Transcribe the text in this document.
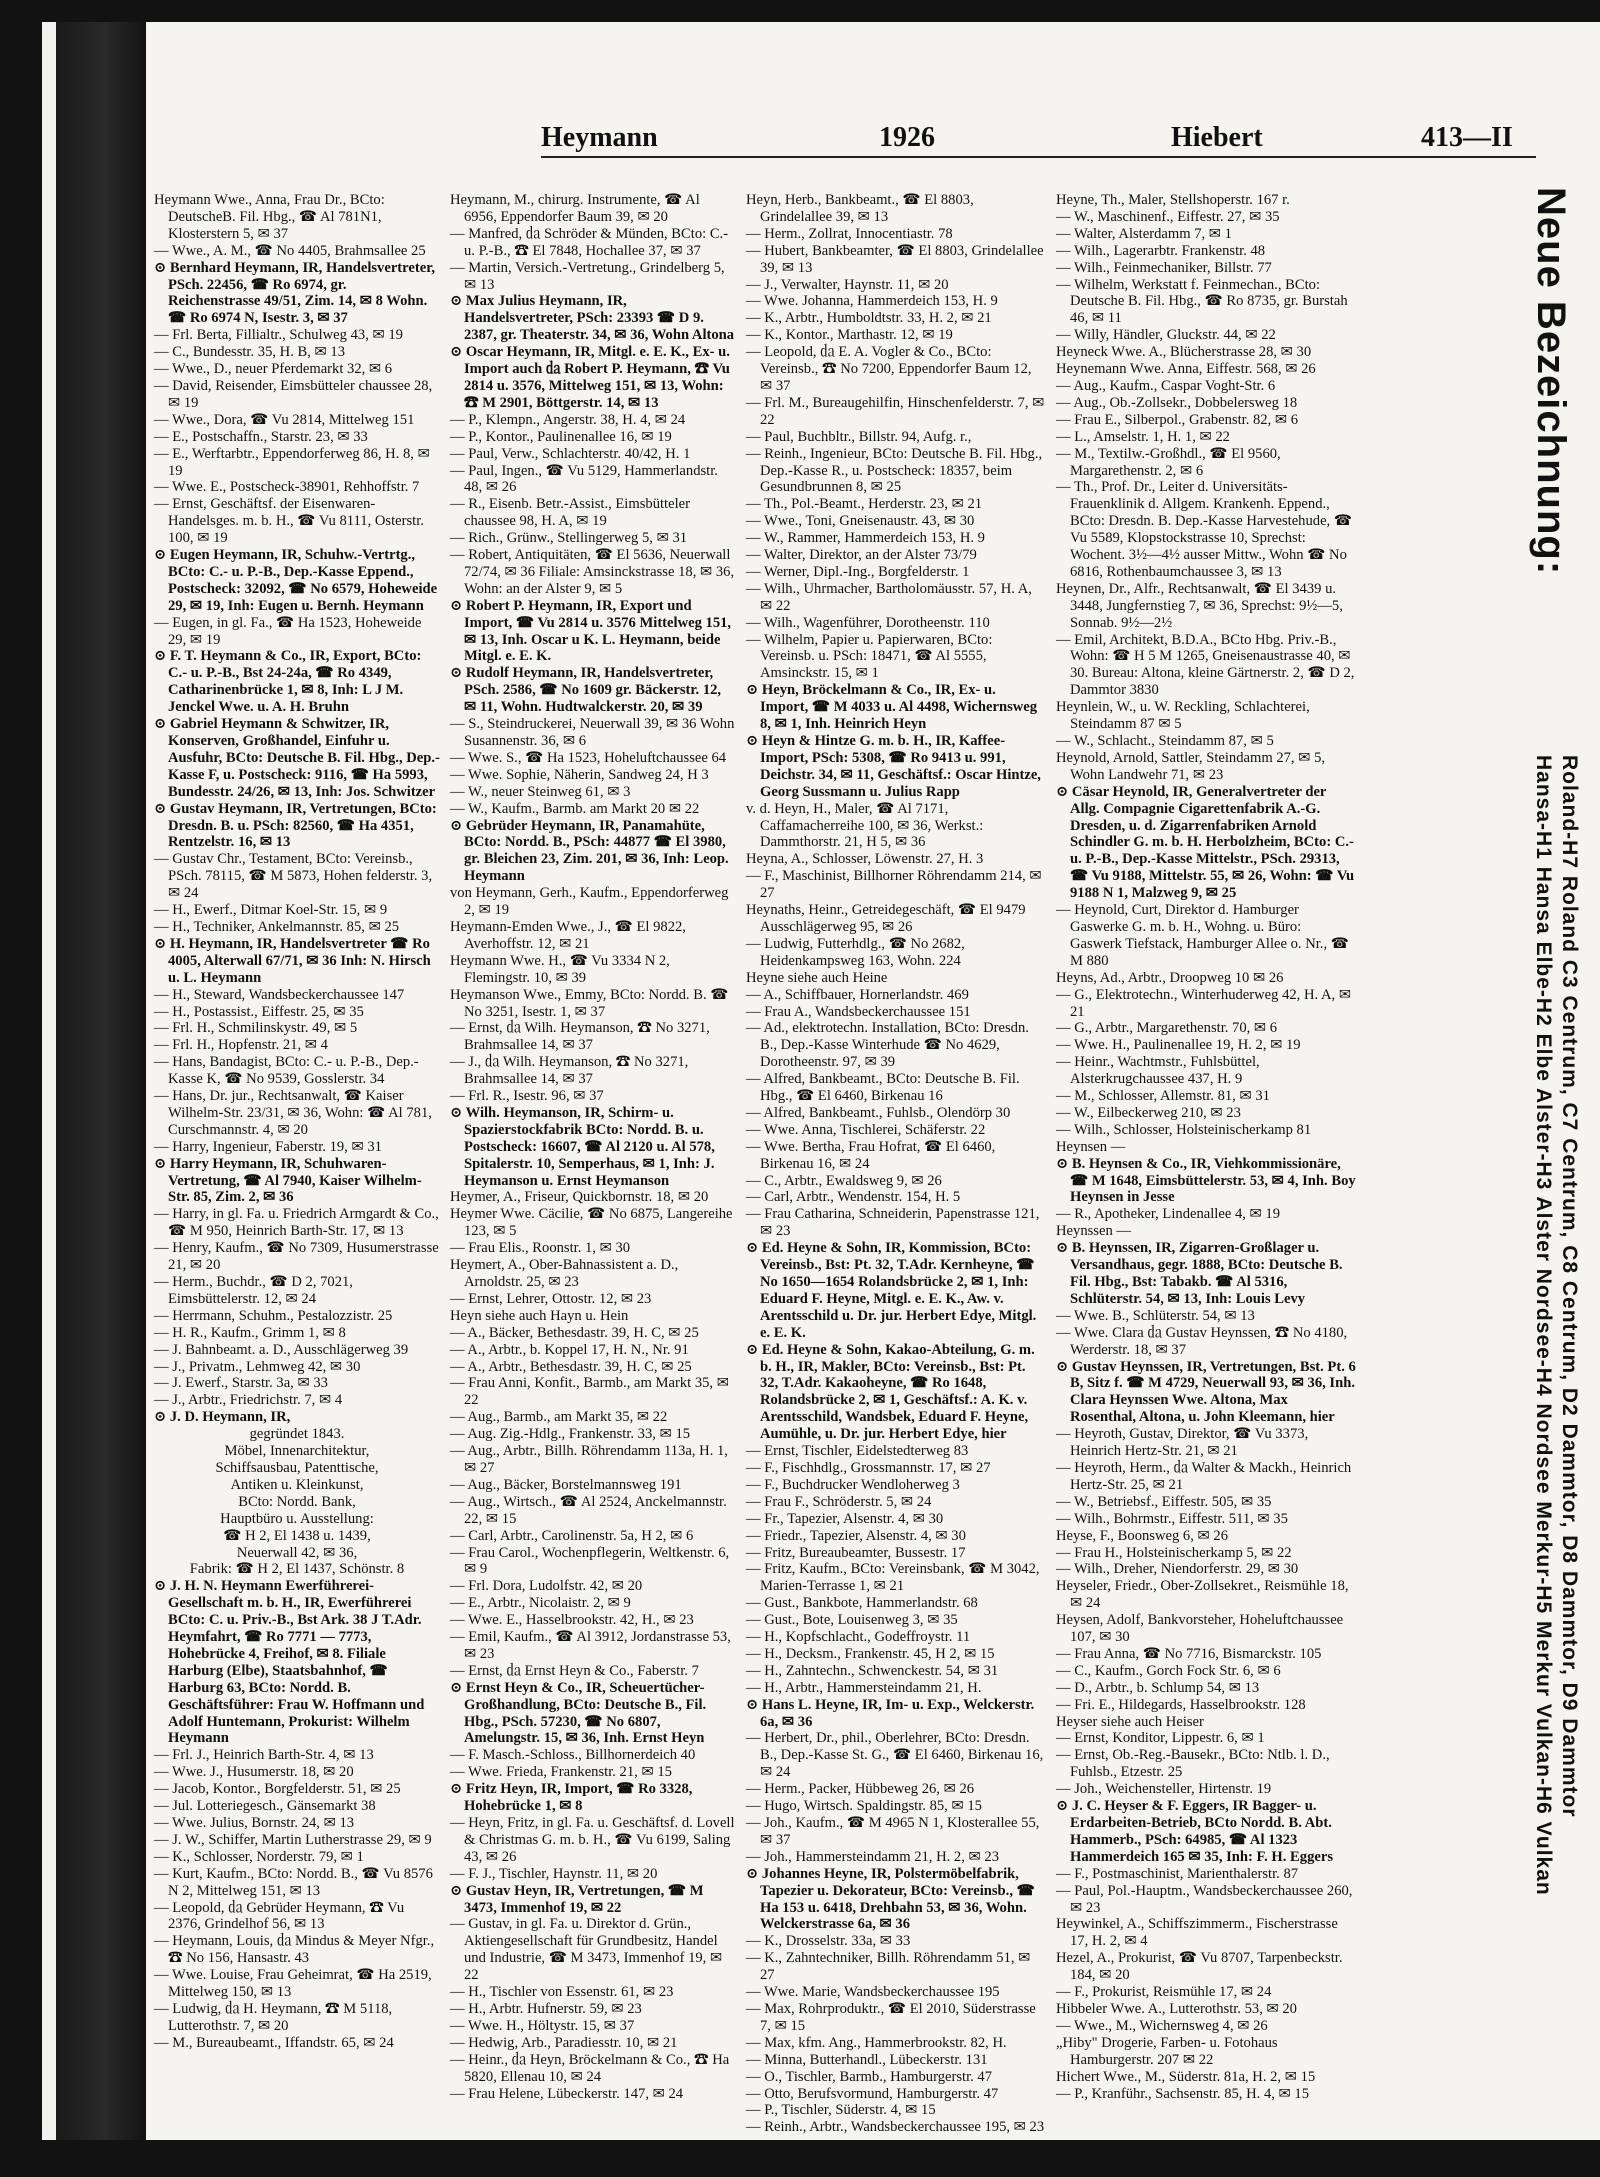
Heymann	1926	Hiebert	413—II

Heymann Wwe., Anna, Frau Dr., BCto: DeutscheB. Fil. Hbg., ☎ Al 781N1, Klosterstern 5, ✉ 37

— Wwe., A. M., ☎ No 4405, Brahmsallee 25

⊙ Bernhard Heymann, IR, Handelsvertreter, PSch. 22456, ☎ Ro 6974, gr. Reichenstrasse 49/51, Zim. 14, ✉ 8 Wohn. ☎ Ro 6974 N, Isestr. 3, ✉ 37

— Frl. Berta, Fillialtr., Schulweg 43, ✉ 19

— C., Bundesstr. 35, H. B, ✉ 13

— Wwe., D., neuer Pferdemarkt 32, ✉ 6

— David, Reisender, Eimsbütteler chaussee 28, ✉ 19

— Wwe., Dora, ☎ Vu 2814, Mittelweg 151

— E., Postschaffn., Starstr. 23, ✉ 33

— E., Werftarbtr., Eppendorferweg 86, H. 8, ✉ 19

— Wwe. E., Postscheck-38901, Rehhoffstr. 7

— Ernst, Geschäftsf. der Eisenwaren-Handelsges. m. b. H., ☎ Vu 8111, Osterstr. 100, ✉ 19

⊙ Eugen Heymann, IR, Schuhw.-Vertrtg., BCto: C.- u. P.-B., Dep.-Kasse Eppend., Postscheck: 32092, ☎ No 6579, Hoheweide 29, ✉ 19, Inh: Eugen u. Bernh. Heymann

— Eugen, in gl. Fa., ☎ Ha 1523, Hoheweide 29, ✉ 19

⊙ F. T. Heymann & Co., IR, Export, BCto: C.- u. P.-B., Bst 24-24a, ☎ Ro 4349, Catharinenbrücke 1, ✉ 8, Inh: L J M. Jenckel Wwe. u. A. H. Bruhn

⊙ Gabriel Heymann & Schwitzer, IR, Konserven, Großhandel, Einfuhr u. Ausfuhr, BCto: Deutsche B. Fil. Hbg., Dep.-Kasse F, u. Postscheck: 9116, ☎ Ha 5993, Bundesstr. 24/26, ✉ 13, Inh: Jos. Schwitzer

⊙ Gustav Heymann, IR, Vertretungen, BCto: Dresdn. B. u. PSch: 82560, ☎ Ha 4351, Rentzelstr. 16, ✉ 13

— Gustav Chr., Testament, BCto: Vereinsb., PSch. 78115, ☎ M 5873, Hohen felderstr. 3, ✉ 24

— H., Ewerf., Ditmar Koel-Str. 15, ✉ 9

— H., Techniker, Ankelmannstr. 85, ✉ 25

⊙ H. Heymann, IR, Handelsvertreter ☎ Ro 4005, Alterwall 67/71, ✉ 36 Inh: N. Hirsch u. L. Heymann

— H., Steward, Wandsbeckerchaussee 147

— H., Postassist., Eiffestr. 25, ✉ 35

— Frl. H., Schmilinskystr. 49, ✉ 5

— Frl. H., Hopfenstr. 21, ✉ 4

— Hans, Bandagist, BCto: C.- u. P.-B., Dep.-Kasse K, ☎ No 9539, Gosslerstr. 34

— Hans, Dr. jur., Rechtsanwalt, ☎ Kaiser Wilhelm-Str. 23/31, ✉ 36, Wohn: ☎ Al 781, Curschmannstr. 4, ✉ 20

— Harry, Ingenieur, Faberstr. 19, ✉ 31

⊙ Harry Heymann, IR, Schuhwaren-Vertretung, ☎ Al 7940, Kaiser Wilhelm-Str. 85, Zim. 2, ✉ 36

— Harry, in gl. Fa. u. Friedrich Armgardt & Co., ☎ M 950, Heinrich Barth-Str. 17, ✉ 13

— Henry, Kaufm., ☎ No 7309, Husumerstrasse 21, ✉ 20

— Herm., Buchdr., ☎ D 2, 7021, Eimsbüttelerstr. 12, ✉ 24

— Herrmann, Schuhm., Pestalozzistr. 25

— H. R., Kaufm., Grimm 1, ✉ 8

— J. Bahnbeamt. a. D., Ausschlägerweg 39

— J., Privatm., Lehmweg 42, ✉ 30

— J. Ewerf., Starstr. 3a, ✉ 33

— J., Arbtr., Friedrichstr. 7, ✉ 4

⊙ J. D. Heymann, IR,

gegründet 1843.

Möbel, Innenarchitektur,

Schiffsausbau, Patenttische,

Antiken u. Kleinkunst,

BCto: Nordd. Bank,

Hauptbüro u. Ausstellung:

☎ H 2, El 1438 u. 1439,

Neuerwall 42, ✉ 36,

Fabrik: ☎ H 2, El 1437, Schönstr. 8

⊙ J. H. N. Heymann Ewerführerei-Gesellschaft m. b. H., IR, Ewerführerei BCto: C. u. Priv.-B., Bst Ark. 38 J T.Adr. Heymfahrt, ☎ Ro 7771 — 7773, Hohebrücke 4, Freihof, ✉ 8. Filiale Harburg (Elbe), Staatsbahnhof, ☎ Harburg 63, BCto: Nordd. B. Geschäftsführer: Frau W. Hoffmann und Adolf Huntemann, Prokurist: Wilhelm Heymann

— Frl. J., Heinrich Barth-Str. 4, ✉ 13

— Wwe. J., Husumerstr. 18, ✉ 20

— Jacob, Kontor., Borgfelderstr. 51, ✉ 25

— Jul. Lotteriegesch., Gänsemarkt 38

— Wwe. Julius, Bornstr. 24, ✉ 13

— J. W., Schiffer, Martin Lutherstrasse 29, ✉ 9

— K., Schlosser, Norderstr. 79, ✉ 1

— Kurt, Kaufm., BCto: Nordd. B., ☎ Vu 8576 N 2, Mittelweg 151, ✉ 13

— Leopold, ㍲ Gebrüder Heymann, ☎ Vu 2376, Grindelhof 56, ✉ 13

— Heymann, Louis, ㍲ Mindus & Meyer Nfgr., ☎ No 156, Hansastr. 43

— Wwe. Louise, Frau Geheimrat, ☎ Ha 2519, Mittelweg 150, ✉ 13

— Ludwig, ㍲ H. Heymann, ☎ M 5118, Lutterothstr. 7, ✉ 20

— M., Bureaubeamt., Iffandstr. 65, ✉ 24

Heymann, M., chirurg. Instrumente, ☎ Al 6956, Eppendorfer Baum 39, ✉ 20

— Manfred, ㍲ Schröder & Münden, BCto: C.- u. P.-B., ☎ El 7848, Hochallee 37, ✉ 37

— Martin, Versich.-Vertretung., Grindelberg 5, ✉ 13

⊙ Max Julius Heymann, IR, Handelsvertreter, PSch: 23393 ☎ D 9. 2387, gr. Theaterstr. 34, ✉ 36, Wohn Altona

⊙ Oscar Heymann, IR, Mitgl. e. E. K., Ex- u. Import auch ㍲ Robert P. Heymann, ☎ Vu 2814 u. 3576, Mittelweg 151, ✉ 13, Wohn: ☎ M 2901, Böttgerstr. 14, ✉ 13

— P., Klempn., Angerstr. 38, H. 4, ✉ 24

— P., Kontor., Paulinenallee 16, ✉ 19

— Paul, Verw., Schlachterstr. 40/42, H. 1

— Paul, Ingen., ☎ Vu 5129, Hammerlandstr. 48, ✉ 26

— R., Eisenb. Betr.-Assist., Eimsbütteler chaussee 98, H. A, ✉ 19

— Rich., Grünw., Stellingerweg 5, ✉ 31

— Robert, Antiquitäten, ☎ El 5636, Neuerwall 72/74, ✉ 36 Filiale: Amsinckstrasse 18, ✉ 36, Wohn: an der Alster 9, ✉ 5

⊙ Robert P. Heymann, IR, Export und Import, ☎ Vu 2814 u. 3576 Mittelweg 151, ✉ 13, Inh. Oscar u K. L. Heymann, beide Mitgl. e. E. K.

⊙ Rudolf Heymann, IR, Handelsvertreter, PSch. 2586, ☎ No 1609 gr. Bäckerstr. 12, ✉ 11, Wohn. Hudtwalckerstr. 20, ✉ 39

— S., Steindruckerei, Neuerwall 39, ✉ 36 Wohn Susannenstr. 36, ✉ 6

— Wwe. S., ☎ Ha 1523, Hoheluftchaussee 64

— Wwe. Sophie, Näherin, Sandweg 24, H 3

— W., neuer Steinweg 61, ✉ 3

— W., Kaufm., Barmb. am Markt 20 ✉ 22

⊙ Gebrüder Heymann, IR, Panamahüte, BCto: Nordd. B., PSch: 44877 ☎ El 3980, gr. Bleichen 23, Zim. 201, ✉ 36, Inh: Leop. Heymann

von Heymann, Gerh., Kaufm., Eppendorferweg 2, ✉ 19

Heymann-Emden Wwe., J., ☎ El 9822, Averhoffstr. 12, ✉ 21

Heymann Wwe. H., ☎ Vu 3334 N 2, Flemingstr. 10, ✉ 39

Heymanson Wwe., Emmy, BCto: Nordd. B. ☎ No 3251, Isestr. 1, ✉ 37

— Ernst, ㍲ Wilh. Heymanson, ☎ No 3271, Brahmsallee 14, ✉ 37

— J., ㍲ Wilh. Heymanson, ☎ No 3271, Brahmsallee 14, ✉ 37

— Frl. R., Isestr. 96, ✉ 37

⊙ Wilh. Heymanson, IR, Schirm- u. Spazierstockfabrik BCto: Nordd. B. u. Postscheck: 16607, ☎ Al 2120 u. Al 578, Spitalerstr. 10, Semperhaus, ✉ 1, Inh: J. Heymanson u. Ernst Heymanson

Heymer, A., Friseur, Quickbornstr. 18, ✉ 20

Heymer Wwe. Cäcilie, ☎ No 6875, Langereihe 123, ✉ 5

— Frau Elis., Roonstr. 1, ✉ 30

Heymert, A., Ober-Bahnassistent a. D., Arnoldstr. 25, ✉ 23

— Ernst, Lehrer, Ottostr. 12, ✉ 23

Heyn siehe auch Hayn u. Hein

— A., Bäcker, Bethesdastr. 39, H. C, ✉ 25

— A., Arbtr., b. Koppel 17, H. N., Nr. 91

— A., Arbtr., Bethesdastr. 39, H. C, ✉ 25

— Frau Anni, Konfit., Barmb., am Markt 35, ✉ 22

— Aug., Barmb., am Markt 35, ✉ 22

— Aug. Zig.-Hdlg., Frankenstr. 33, ✉ 15

— Aug., Arbtr., Billh. Röhrendamm 113a, H. 1, ✉ 27

— Aug., Bäcker, Borstelmannsweg 191

— Aug., Wirtsch., ☎ Al 2524, Anckelmannstr. 22, ✉ 15

— Carl, Arbtr., Carolinenstr. 5a, H 2, ✉ 6

— Frau Carol., Wochenpflegerin, Weltkenstr. 6, ✉ 9

— Frl. Dora, Ludolfstr. 42, ✉ 20

— E., Arbtr., Nicolaistr. 2, ✉ 9

— Wwe. E., Hasselbrookstr. 42, H., ✉ 23

— Emil, Kaufm., ☎ Al 3912, Jordanstrasse 53, ✉ 23

— Ernst, ㍲ Ernst Heyn & Co., Faberstr. 7

⊙ Ernst Heyn & Co., IR, Scheuertücher-Großhandlung, BCto: Deutsche B., Fil. Hbg., PSch. 57230, ☎ No 6807, Amelungstr. 15, ✉ 36, Inh. Ernst Heyn

— F. Masch.-Schloss., Billhornerdeich 40

— Wwe. Frieda, Frankenstr. 21, ✉ 15

⊙ Fritz Heyn, IR, Import, ☎ Ro 3328, Hohebrücke 1, ✉ 8

— Heyn, Fritz, in gl. Fa. u. Geschäftsf. d. Lovell & Christmas G. m. b. H., ☎ Vu 6199, Saling 43, ✉ 26

— F. J., Tischler, Haynstr. 11, ✉ 20

⊙ Gustav Heyn, IR, Vertretungen, ☎ M 3473, Immenhof 19, ✉ 22

— Gustav, in gl. Fa. u. Direktor d. Grün., Aktiengesellschaft für Grundbesitz, Handel und Industrie, ☎ M 3473, Immenhof 19, ✉ 22

— H., Tischler von Essenstr. 61, ✉ 23

— H., Arbtr. Hufnerstr. 59, ✉ 23

— Wwe. H., Höltystr. 15, ✉ 37

— Hedwig, Arb., Paradiesstr. 10, ✉ 21

— Heinr., ㍲ Heyn, Bröckelmann & Co., ☎ Ha 5820, Ellenau 10, ✉ 24

— Frau Helene, Lübeckerstr. 147, ✉ 24

Heyn, Herb., Bankbeamt., ☎ El 8803, Grindelallee 39, ✉ 13

— Herm., Zollrat, Innocentiastr. 78

— Hubert, Bankbeamter, ☎ El 8803, Grindelallee 39, ✉ 13

— J., Verwalter, Haynstr. 11, ✉ 20

— Wwe. Johanna, Hammerdeich 153, H. 9

— K., Arbtr., Humboldtstr. 33, H. 2, ✉ 21

— K., Kontor., Marthastr. 12, ✉ 19

— Leopold, ㍲ E. A. Vogler & Co., BCto: Vereinsb., ☎ No 7200, Eppendorfer Baum 12, ✉ 37

— Frl. M., Bureaugehilfin, Hinschenfelderstr. 7, ✉ 22

— Paul, Buchbltr., Billstr. 94, Aufg. r.,

— Reinh., Ingenieur, BCto: Deutsche B. Fil. Hbg., Dep.-Kasse R., u. Postscheck: 18357, beim Gesundbrunnen 8, ✉ 25

— Th., Pol.-Beamt., Herderstr. 23, ✉ 21

— Wwe., Toni, Gneisenaustr. 43, ✉ 30

— W., Rammer, Hammerdeich 153, H. 9

— Walter, Direktor, an der Alster 73/79

— Werner, Dipl.-Ing., Borgfelderstr. 1

— Wilh., Uhrmacher, Bartholomäusstr. 57, H. A, ✉ 22

— Wilh., Wagenführer, Dorotheenstr. 110

— Wilhelm, Papier u. Papierwaren, BCto: Vereinsb. u. PSch: 18471, ☎ Al 5555, Amsinckstr. 15, ✉ 1

⊙ Heyn, Bröckelmann & Co., IR, Ex- u. Import, ☎ M 4033 u. Al 4498, Wichernsweg 8, ✉ 1, Inh. Heinrich Heyn

⊙ Heyn & Hintze G. m. b. H., IR, Kaffee-Import, PSch: 5308, ☎ Ro 9413 u. 991, Deichstr. 34, ✉ 11, Geschäftsf.: Oscar Hintze, Georg Sussmann u. Julius Rapp

v. d. Heyn, H., Maler, ☎ Al 7171, Caffamacherreihe 100, ✉ 36, Werkst.: Dammthorstr. 21, H 5, ✉ 36

Heyna, A., Schlosser, Löwenstr. 27, H. 3

— F., Maschinist, Billhorner Röhrendamm 214, ✉ 27

Heynaths, Heinr., Getreidegeschäft, ☎ El 9479 Ausschlägerweg 95, ✉ 26

— Ludwig, Futterhdlg., ☎ No 2682, Heidenkampsweg 163, Wohn. 224

Heyne siehe auch Heine

— A., Schiffbauer, Hornerlandstr. 469

— Frau A., Wandsbeckerchaussee 151

— Ad., elektrotechn. Installation, BCto: Dresdn. B., Dep.-Kasse Winterhude ☎ No 4629, Dorotheenstr. 97, ✉ 39

— Alfred, Bankbeamt., BCto: Deutsche B. Fil. Hbg., ☎ El 6460, Birkenau 16

— Alfred, Bankbeamt., Fuhlsb., Olendörp 30

— Wwe. Anna, Tischlerei, Schäferstr. 22

— Wwe. Bertha, Frau Hofrat, ☎ El 6460, Birkenau 16, ✉ 24

— C., Arbtr., Ewaldsweg 9, ✉ 26

— Carl, Arbtr., Wendenstr. 154, H. 5

— Frau Catharina, Schneiderin, Papenstrasse 121, ✉ 23

⊙ Ed. Heyne & Sohn, IR, Kommission, BCto: Vereinsb., Bst: Pt. 32, T.Adr. Kernheyne, ☎ No 1650—1654 Rolandsbrücke 2, ✉ 1, Inh: Eduard F. Heyne, Mitgl. e. E. K., Aw. v. Arentsschild u. Dr. jur. Herbert Edye, Mitgl. e. E. K.

⊙ Ed. Heyne & Sohn, Kakao-Abteilung, G. m. b. H., IR, Makler, BCto: Vereinsb., Bst: Pt. 32, T.Adr. Kakaoheyne, ☎ Ro 1648, Rolandsbrücke 2, ✉ 1, Geschäftsf.: A. K. v. Arentsschild, Wandsbek, Eduard F. Heyne, Aumühle, u. Dr. jur. Herbert Edye, hier

— Ernst, Tischler, Eidelstedterweg 83

— F., Fischhdlg., Grossmannstr. 17, ✉ 27

— F., Buchdrucker Wendloherweg 3

— Frau F., Schröderstr. 5, ✉ 24

— Fr., Tapezier, Alsenstr. 4, ✉ 30

— Friedr., Tapezier, Alsenstr. 4, ✉ 30

— Fritz, Bureaubeamter, Bussestr. 17

— Fritz, Kaufm., BCto: Vereinsbank, ☎ M 3042, Marien-Terrasse 1, ✉ 21

— Gust., Bankbote, Hammerlandstr. 68

— Gust., Bote, Louisenweg 3, ✉ 35

— H., Kopfschlacht., Godeffroystr. 11

— H., Decksm., Frankenstr. 45, H 2, ✉ 15

— H., Zahntechn., Schwenckestr. 54, ✉ 31

— H., Arbtr., Hammersteindamm 21, H.

⊙ Hans L. Heyne, IR, Im- u. Exp., Welckerstr. 6a, ✉ 36

— Herbert, Dr., phil., Oberlehrer, BCto: Dresdn. B., Dep.-Kasse St. G., ☎ El 6460, Birkenau 16, ✉ 24

— Herm., Packer, Hübbeweg 26, ✉ 26

— Hugo, Wirtsch. Spaldingstr. 85, ✉ 15

— Joh., Kaufm., ☎ M 4965 N 1, Klosterallee 55, ✉ 37

— Joh., Hammersteindamm 21, H. 2, ✉ 23

⊙ Johannes Heyne, IR, Polstermöbelfabrik, Tapezier u. Dekorateur, BCto: Vereinsb., ☎ Ha 153 u. 6418, Drehbahn 53, ✉ 36, Wohn. Welckerstrasse 6a, ✉ 36

— K., Drosselstr. 33a, ✉ 33

— K., Zahntechniker, Billh. Röhrendamm 51, ✉ 27

— Wwe. Marie, Wandsbeckerchaussee 195

— Max, Rohrproduktr., ☎ El 2010, Süderstrasse 7, ✉ 15

— Max, kfm. Ang., Hammerbrookstr. 82, H.

— Minna, Butterhandl., Lübeckerstr. 131

— O., Tischler, Barmb., Hamburgerstr. 47

— Otto, Berufsvormund, Hamburgerstr. 47

— P., Tischler, Süderstr. 4, ✉ 15

— Reinh., Arbtr., Wandsbeckerchaussee 195, ✉ 23

Heyne, Th., Maler, Stellshoperstr. 167 r.

— W., Maschinenf., Eiffestr. 27, ✉ 35

— Walter, Alsterdamm 7, ✉ 1

— Wilh., Lagerarbtr. Frankenstr. 48

— Wilh., Feinmechaniker, Billstr. 77

— Wilhelm, Werkstatt f. Feinmechan., BCto: Deutsche B. Fil. Hbg., ☎ Ro 8735, gr. Burstah 46, ✉ 11

— Willy, Händler, Gluckstr. 44, ✉ 22

Heyneck Wwe. A., Blücherstrasse 28, ✉ 30

Heynemann Wwe. Anna, Eiffestr. 568, ✉ 26

— Aug., Kaufm., Caspar Voght-Str. 6

— Aug., Ob.-Zollsekr., Dobbelersweg 18

— Frau E., Silberpol., Grabenstr. 82, ✉ 6

— L., Amselstr. 1, H. 1, ✉ 22

— M., Textilw.-Großhdl., ☎ El 9560, Margarethenstr. 2, ✉ 6

— Th., Prof. Dr., Leiter d. Universitäts-Frauenklinik d. Allgem. Krankenh. Eppend., BCto: Dresdn. B. Dep.-Kasse Harvestehude, ☎ Vu 5589, Klopstockstrasse 10, Sprechst: Wochent. 3½—4½ ausser Mittw., Wohn ☎ No 6816, Rothenbaumchaussee 3, ✉ 13

Heynen, Dr., Alfr., Rechtsanwalt, ☎ El 3439 u. 3448, Jungfernstieg 7, ✉ 36, Sprechst: 9½—5, Sonnab. 9½—2½

— Emil, Architekt, B.D.A., BCto Hbg. Priv.-B., Wohn: ☎ H 5 M 1265, Gneisenaustrasse 40, ✉ 30. Bureau: Altona, kleine Gärtnerstr. 2, ☎ D 2, Dammtor 3830

Heynlein, W., u. W. Reckling, Schlachterei, Steindamm 87 ✉ 5

— W., Schlacht., Steindamm 87, ✉ 5

Heynold, Arnold, Sattler, Steindamm 27, ✉ 5, Wohn Landwehr 71, ✉ 23

⊙ Cäsar Heynold, IR, Generalvertreter der Allg. Compagnie Cigarettenfabrik A.-G. Dresden, u. d. Zigarrenfabriken Arnold Schindler G. m. b. H. Herbolzheim, BCto: C.- u. P.-B., Dep.-Kasse Mittelstr., PSch. 29313, ☎ Vu 9188, Mittelstr. 55, ✉ 26, Wohn: ☎ Vu 9188 N 1, Malzweg 9, ✉ 25

— Heynold, Curt, Direktor d. Hamburger Gaswerke G. m. b. H., Wohng. u. Büro: Gaswerk Tiefstack, Hamburger Allee o. Nr., ☎ M 880

Heyns, Ad., Arbtr., Droopweg 10 ✉ 26

— G., Elektrotechn., Winterhuderweg 42, H. A, ✉ 21

— G., Arbtr., Margarethenstr. 70, ✉ 6

— Wwe. H., Paulinenallee 19, H. 2, ✉ 19

— Heinr., Wachtmstr., Fuhlsbüttel, Alsterkrugchaussee 437, H. 9

— M., Schlosser, Allemstr. 81, ✉ 31

— W., Eilbeckerweg 210, ✉ 23

— Wilh., Schlosser, Holsteinischerkamp 81

Heynsen —

⊙ B. Heynsen & Co., IR, Viehkommissionäre, ☎ M 1648, Eimsbüttelerstr. 53, ✉ 4, Inh. Boy Heynsen in Jesse

— R., Apotheker, Lindenallee 4, ✉ 19

Heynssen —

⊙ B. Heynssen, IR, Zigarren-Großlager u. Versandhaus, gegr. 1888, BCto: Deutsche B. Fil. Hbg., Bst: Tabakb. ☎ Al 5316, Schlüterstr. 54, ✉ 13, Inh: Louis Levy

— Wwe. B., Schlüterstr. 54, ✉ 13

— Wwe. Clara ㍲ Gustav Heynssen, ☎ No 4180, Werderstr. 18, ✉ 37

⊙ Gustav Heynssen, IR, Vertretungen, Bst. Pt. 6 B, Sitz f. ☎ M 4729, Neuerwall 93, ✉ 36, Inh. Clara Heynssen Wwe. Altona, Max Rosenthal, Altona, u. John Kleemann, hier

— Heyroth, Gustav, Direktor, ☎ Vu 3373, Heinrich Hertz-Str. 21, ✉ 21

— Heyroth, Herm., ㍲ Walter & Mackh., Heinrich Hertz-Str. 25, ✉ 21

— W., Betriebsf., Eiffestr. 505, ✉ 35

— Wilh., Bohrmstr., Eiffestr. 511, ✉ 35

Heyse, F., Boonsweg 6, ✉ 26

— Frau H., Holsteinischerkamp 5, ✉ 22

— Wilh., Dreher, Niendorferstr. 29, ✉ 30

Heyseler, Friedr., Ober-Zollsekret., Reismühle 18, ✉ 24

Heysen, Adolf, Bankvorsteher, Hoheluftchaussee 107, ✉ 30

— Frau Anna, ☎ No 7716, Bismarckstr. 105

— C., Kaufm., Gorch Fock Str. 6, ✉ 6

— D., Arbtr., b. Schlump 54, ✉ 13

— Fri. E., Hildegards, Hasselbrookstr. 128

Heyser siehe auch Heiser

— Ernst, Konditor, Lippestr. 6, ✉ 1

— Ernst, Ob.-Reg.-Bausekr., BCto: Ntlb. l. D., Fuhlsb., Etzestr. 25

— Joh., Weichensteller, Hirtenstr. 19

⊙ J. C. Heyser & F. Eggers, IR Bagger- u. Erdarbeiten-Betrieb, BCto Nordd. B. Abt. Hammerb., PSch: 64985, ☎ Al 1323 Hammerdeich 165 ✉ 35, Inh: F. H. Eggers

— F., Postmaschinist, Marienthalerstr. 87

— Paul, Pol.-Hauptm., Wandsbeckerchaussee 260, ✉ 23

Heywinkel, A., Schiffszimmerm., Fischerstrasse 17, H. 2, ✉ 4

Hezel, A., Prokurist, ☎ Vu 8707, Tarpenbeckstr. 184, ✉ 20

— F., Prokurist, Reismühle 17, ✉ 24

Hibbeler Wwe. A., Lutterothstr. 53, ✉ 20

— Wwe., M., Wichernsweg 4, ✉ 26

„Hiby" Drogerie, Farben- u. Fotohaus Hamburgerstr. 207 ✉ 22

Hichert Wwe., M., Süderstr. 81a, H. 2, ✉ 15

— P., Kranführ., Sachsenstr. 85, H. 4, ✉ 15

Neue Bezeichnung:
Hansa-H1 Hansa Elbe-H2 Elbe Alster-H3 Alster Nordsee-H4 Nordsee Merkur-H5 Merkur Vulkan-H6 Vulkan Roland-H7 Roland C3 Centrum, C7 Centrum, C8 Centrum, D2 Dammtor, D8 Dammtor, D9 Dammtor
